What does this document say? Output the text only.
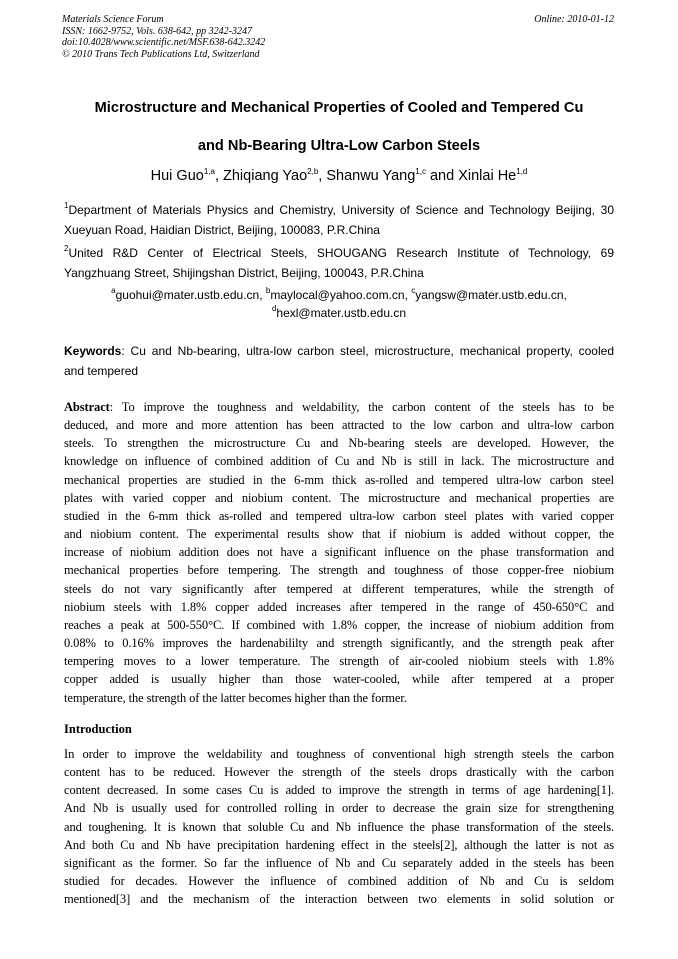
Materials Science Forum
ISSN: 1662-9752, Vols. 638-642, pp 3242-3247
doi:10.4028/www.scientific.net/MSF.638-642.3242
© 2010 Trans Tech Publications Ltd, Switzerland
Online: 2010-01-12
Microstructure and Mechanical Properties of Cooled and Tempered Cu
and Nb-Bearing Ultra-Low Carbon Steels
Hui Guo$^{1,a}$, Zhiqiang Yao$^{2,b}$, Shanwu Yang$^{1,c}$ and Xinlai He$^{1,d}$
$^1$Department of Materials Physics and Chemistry, University of Science and Technology Beijing, 30
Xueyuan Road, Haidian District, Beijing, 100083, P.R.China
$^2$United R&D Center of Electrical Steels, SHOUGANG Research Institute of Technology, 69
Yangzhuang Street, Shijingshan District, Beijing, 100043, P.R.China
$^a$guohui@mater.ustb.edu.cn, $^b$maylocal@yahoo.com.cn, $^c$yangsw@mater.ustb.edu.cn,
$^d$hexl@mater.ustb.edu.cn
Keywords: Cu and Nb-bearing, ultra-low carbon steel, microstructure, mechanical property, cooled
and tempered
Abstract: To improve the toughness and weldability, the carbon content of the steels has to be
deduced, and more and more attention has been attracted to the low carbon and ultra-low carbon
steels. To strengthen the microstructure Cu and Nb-bearing steels are developed. However, the
knowledge on influence of combined addition of Cu and Nb is still in lack. The microstructure and
mechanical properties are studied in the 6-mm thick as-rolled and tempered ultra-low carbon steel
plates with varied copper and niobium content. The microstructure and mechanical properties are
studied in the 6-mm thick as-rolled and tempered ultra-low carbon steel plates with varied copper
and niobium content. The experimental results show that if niobium is added without copper, the
increase of niobium addition does not have a significant influence on the phase transformation and
mechanical properties before tempering. The strength and toughness of those copper-free niobium
steels do not vary significantly after tempered at different temperatures, while the strength of
niobium steels with 1.8% copper added increases after tempered in the range of 450-650°C and
reaches a peak at 500-550°C. If combined with 1.8% copper, the increase of niobium addition from
0.08% to 0.16% improves the hardenabililty and strength significantly, and the strength peak after
tempering moves to a lower temperature. The strength of air-cooled niobium steels with 1.8%
copper added is usually higher than those water-cooled, while after tempered at a proper
temperature, the strength of the latter becomes higher than the former.
Introduction
In order to improve the weldability and toughness of conventional high strength steels the carbon
content has to be reduced. However the strength of the steels drops drastically with the carbon
content decreased. In some cases Cu is added to improve the strength in terms of age hardening[1].
And Nb is usually used for controlled rolling in order to decrease the grain size for strengthening
and toughening. It is known that soluble Cu and Nb influence the phase transformation of the steels.
And both Cu and Nb have precipitation hardening effect in the steels[2], although the latter is not as
significant as the former. So far the influence of Nb and Cu separately added in the steels has been
studied for decades. However the influence of combined addition of Nb and Cu is seldom
mentioned[3] and the mechanism of the interaction between two elements in solid solution or
